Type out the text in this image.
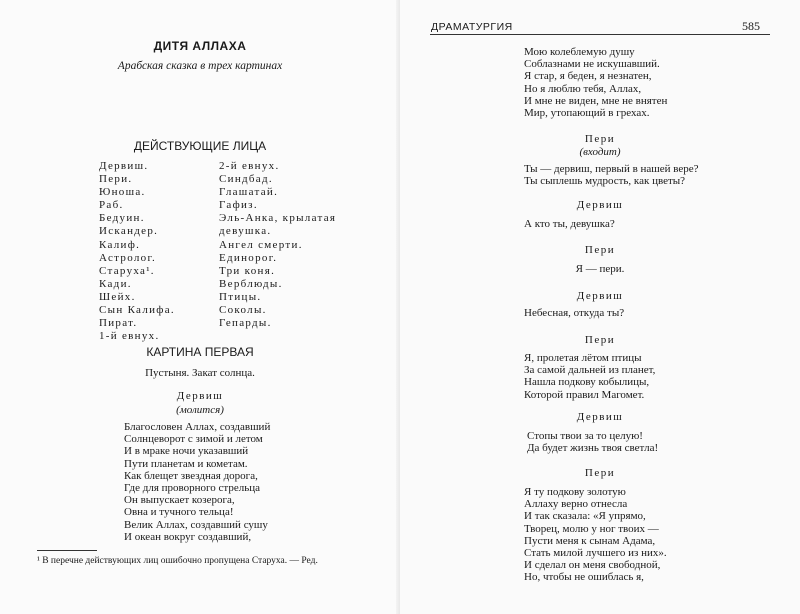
ДИТЯ АЛЛАХА
Арабская сказка в трех картинах
ДЕЙСТВУЮЩИЕ ЛИЦА
Дервиш.
Пери.
Юноша.
Раб.
Бедуин.
Искандер.
Калиф.
Астролог.
Старуха¹.
Кади.
Шейх.
Сын Калифа.
Пират.
1-й евнух.
2-й евнух.
Синдбад.
Глашатай.
Гафиз.
Эль-Анка, крылатая
девушка.
Ангел смерти.
Единорог.
Три коня.
Верблюды.
Птицы.
Соколы.
Гепарды.
КАРТИНА ПЕРВАЯ
Пустыня. Закат солнца.
Дервиш
(молится)
Благословен Аллах, создавший
Солнцеворот с зимой и летом
И в мраке ночи указавший
Пути планетам и кометам.
Как блещет звездная дорога,
Где для проворного стрельца
Он выпускает козерога,
Овна и тучного тельца!
Велик Аллах, создавший сушу
И океан вокруг создавший,
¹ В перечне действующих лиц ошибочно пропущена Старуха. — Ред.
ДРАМАТУРГИЯ	585
Мою колеблемую душу
Соблазнами не искушавший.
Я стар, я беден, я незнатен,
Но я люблю тебя, Аллах,
И мне не виден, мне не внятен
Мир, утопающий в грехах.
Пери
(входит)
Ты — дервиш, первый в нашей вере?
Ты сыплешь мудрость, как цветы?
Дервиш
А кто ты, девушка?
Пери
Я — пери.
Дервиш
Небесная, откуда ты?
Пери
Я, пролетая лётом птицы
За самой дальней из планет,
Нашла подкову кобылицы,
Которой правил Магомет.
Дервиш
Стопы твои за то целую!
Да будет жизнь твоя светла!
Пери
Я ту подкову золотую
Аллаху верно отнесла
И так сказала: «Я упрямо,
Творец, молю у ног твоих —
Пусти меня к сынам Адама,
Стать милой лучшего из них».
И сделал он меня свободной,
Но, чтобы не ошиблась я,
